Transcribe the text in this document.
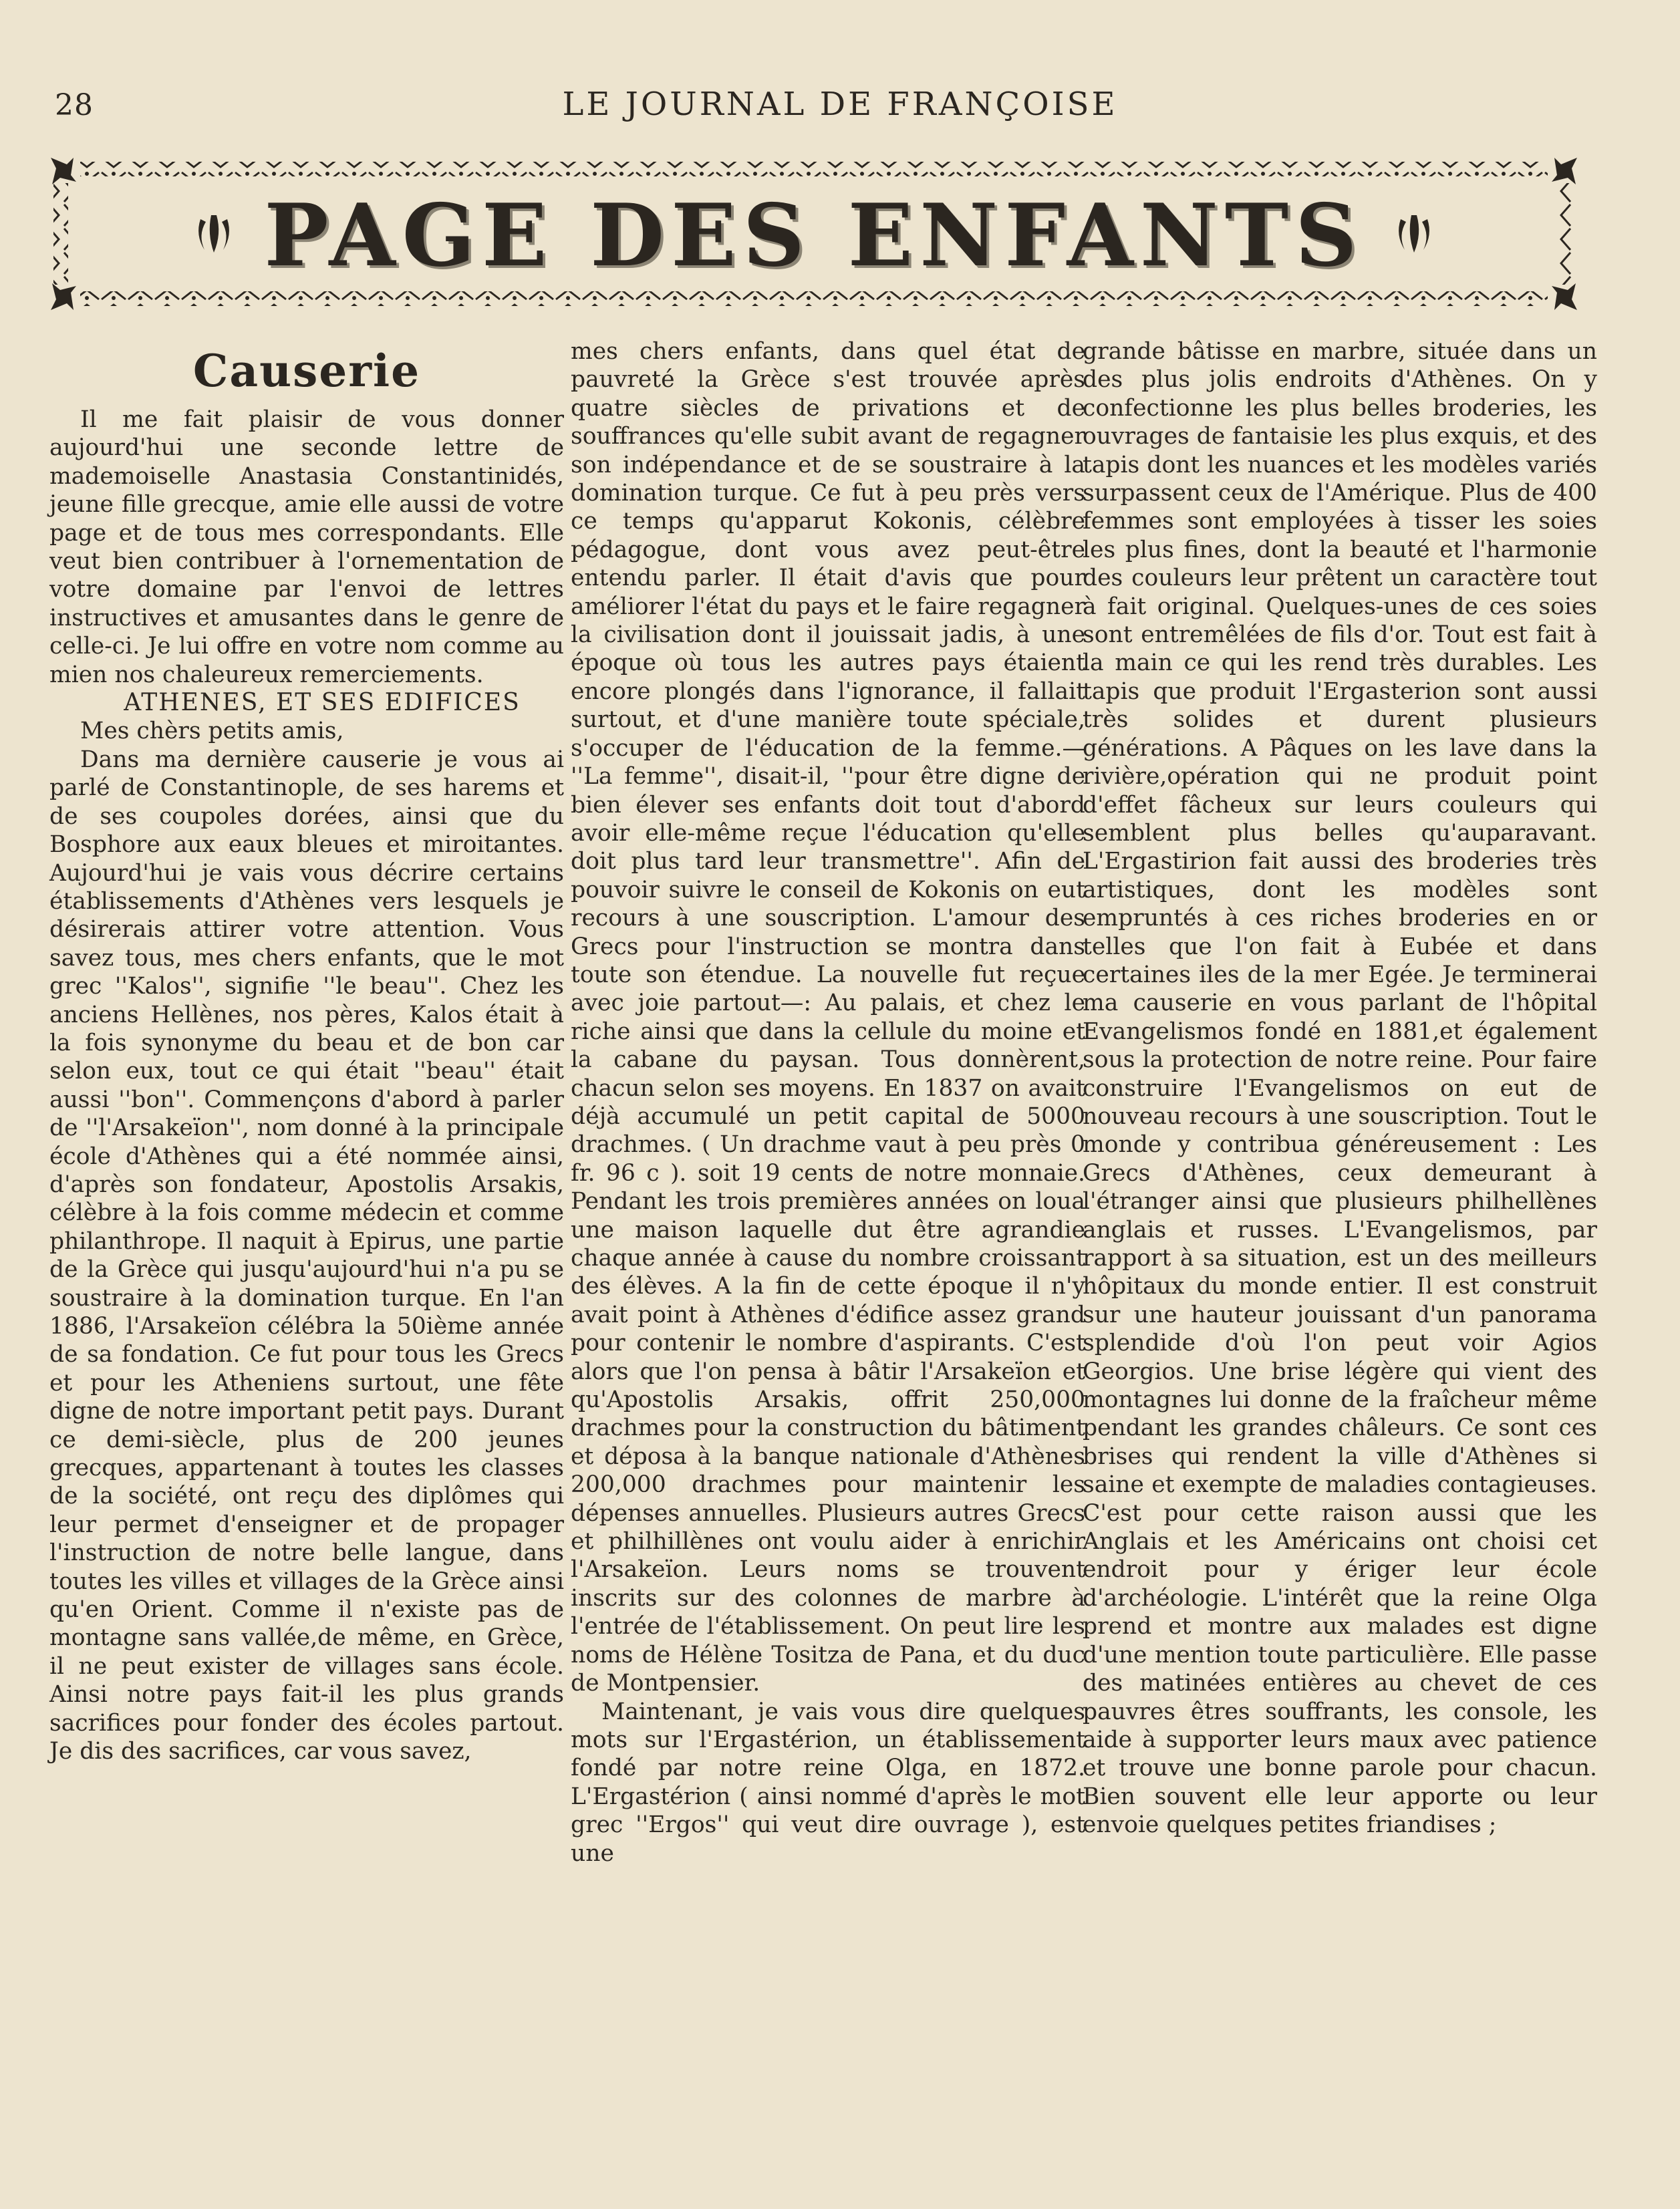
28	LE JOURNAL DE FRANÇOISE
PAGE DES ENFANTS
Causerie

Il me fait plaisir de vous donner aujourd'hui une seconde lettre de mademoiselle Anastasia Constantinidés, jeune fille grecque, amie elle aussi de votre page et de tous mes correspondants. Elle veut bien contribuer à l'ornementation de votre domaine par l'envoi de lettres instructives et amusantes dans le genre de celle-ci. Je lui offre en votre nom comme au mien nos chaleureux remerciements.

ATHENES, ET SES EDIFICES

Mes chèrs petits amis,

Dans ma dernière causerie je vous ai parlé de Constantinople, de ses harems et de ses coupoles dorées, ainsi que du Bosphore aux eaux bleues et miroitantes. Aujourd'hui je vais vous décrire certains établissements d'Athènes vers lesquels je désirerais attirer votre attention. Vous savez tous, mes chers enfants, que le mot grec ''Kalos'', signifie ''le beau''. Chez les anciens Hellènes, nos pères, Kalos était à la fois synonyme du beau et de bon car selon eux, tout ce qui était ''beau'' était aussi ''bon''. Commençons d'abord à parler de ''l'Arsakeïon'', nom donné à la principale école d'Athènes qui a été nommée ainsi, d'après son fondateur, Apostolis Arsakis, célèbre à la fois comme médecin et comme philanthrope. Il naquit à Epirus, une partie de la Grèce qui jusqu'aujourd'hui n'a pu se soustraire à la domination turque. En l'an 1886, l'Arsakeïon célébra la 50ième année de sa fondation. Ce fut pour tous les Grecs et pour les Atheniens surtout, une fête digne de notre important petit pays. Durant ce demi-siècle, plus de 200 jeunes grecques, appartenant à toutes les classes de la société, ont reçu des diplômes qui leur permet d'enseigner et de propager l'instruction de notre belle langue, dans toutes les villes et villages de la Grèce ainsi qu'en Orient. Comme il n'existe pas de montagne sans vallée,de même, en Grèce, il ne peut exister de villages sans école. Ainsi notre pays fait-il les plus grands sacrifices pour fonder des écoles partout. Je dis des sacrifices, car vous savez,

mes chers enfants, dans quel état de pauvreté la Grèce s'est trouvée après quatre siècles de privations et de souffrances qu'elle subit avant de regagner son indépendance et de se soustraire à la domination turque. Ce fut à peu près vers ce temps qu'apparut Kokonis, célèbre pédagogue, dont vous avez peut-être entendu parler. Il était d'avis que pour améliorer l'état du pays et le faire regagner la civilisation dont il jouissait jadis, à une époque où tous les autres pays étaient encore plongés dans l'ignorance, il fallait surtout, et d'une manière toute spéciale, s'occuper de l'éducation de la femme.— ''La femme'', disait-il, ''pour être digne de bien élever ses enfants doit tout d'abord avoir elle-même reçue l'éducation qu'elle doit plus tard leur transmettre''. Afin de pouvoir suivre le conseil de Kokonis on eut recours à une souscription. L'amour des Grecs pour l'instruction se montra dans toute son étendue. La nouvelle fut reçue avec joie partout—: Au palais, et chez le riche ainsi que dans la cellule du moine et la cabane du paysan. Tous donnèrent, chacun selon ses moyens. En 1837 on avait déjà accumulé un petit capital de 5000 drachmes. ( Un drachme vaut à peu près 0 fr. 96 c ). soit 19 cents de notre monnaie. Pendant les trois premières années on loua une maison laquelle dut être agrandie chaque année à cause du nombre croissant des élèves. A la fin de cette époque il n'y avait point à Athènes d'édifice assez grand pour contenir le nombre d'aspirants. C'est alors que l'on pensa à bâtir l'Arsakeïon et qu'Apostolis Arsakis, offrit 250,000 drachmes pour la construction du bâtiment et déposa à la banque nationale d'Athènes 200,000 drachmes pour maintenir les dépenses annuelles. Plusieurs autres Grecs et philhillènes ont voulu aider à enrichir l'Arsakeïon. Leurs noms se trouvent inscrits sur des colonnes de marbre à l'entrée de l'établissement. On peut lire les noms de Hélène Tositza de Pana, et du duc de Montpensier.

Maintenant, je vais vous dire quelques mots sur l'Ergastérion, un établissement fondé par notre reine Olga, en 1872. L'Ergastérion ( ainsi nommé d'après le mot grec ''Ergos'' qui veut dire ouvrage ), est une

grande bâtisse en marbre, située dans un des plus jolis endroits d'Athènes. On y confectionne les plus belles broderies, les ouvrages de fantaisie les plus exquis, et des tapis dont les nuances et les modèles variés surpassent ceux de l'Amérique. Plus de 400 femmes sont employées à tisser les soies les plus fines, dont la beauté et l'harmonie des couleurs leur prêtent un caractère tout à fait original. Quelques-unes de ces soies sont entremêlées de fils d'or. Tout est fait à la main ce qui les rend très durables. Les tapis que produit l'Ergasterion sont aussi très solides et durent plusieurs générations. A Pâques on les lave dans la rivière,opération qui ne produit point d'effet fâcheux sur leurs couleurs qui semblent plus belles qu'auparavant. L'Ergastirion fait aussi des broderies très artistiques, dont les modèles sont empruntés à ces riches broderies en or telles que l'on fait à Eubée et dans certaines iles de la mer Egée. Je terminerai ma causerie en vous parlant de l'hôpital Evangelismos fondé en 1881,et également sous la protection de notre reine. Pour faire construire l'Evangelismos on eut de nouveau recours à une souscription. Tout le monde y contribua généreusement : Les Grecs d'Athènes, ceux demeurant à l'étranger ainsi que plusieurs philhellènes anglais et russes. L'Evangelismos, par rapport à sa situation, est un des meilleurs hôpitaux du monde entier. Il est construit sur une hauteur jouissant d'un panorama splendide d'où l'on peut voir Agios Georgios. Une brise légère qui vient des montagnes lui donne de la fraîcheur même pendant les grandes châleurs. Ce sont ces brises qui rendent la ville d'Athènes si saine et exempte de maladies contagieuses. C'est pour cette raison aussi que les Anglais et les Américains ont choisi cet endroit pour y ériger leur école d'archéologie. L'intérêt que la reine Olga prend et montre aux malades est digne d'une mention toute particulière. Elle passe des matinées entières au chevet de ces pauvres êtres souffrants, les console, les aide à supporter leurs maux avec patience et trouve une bonne parole pour chacun. Bien souvent elle leur apporte ou leur envoie quelques petites friandises ;
